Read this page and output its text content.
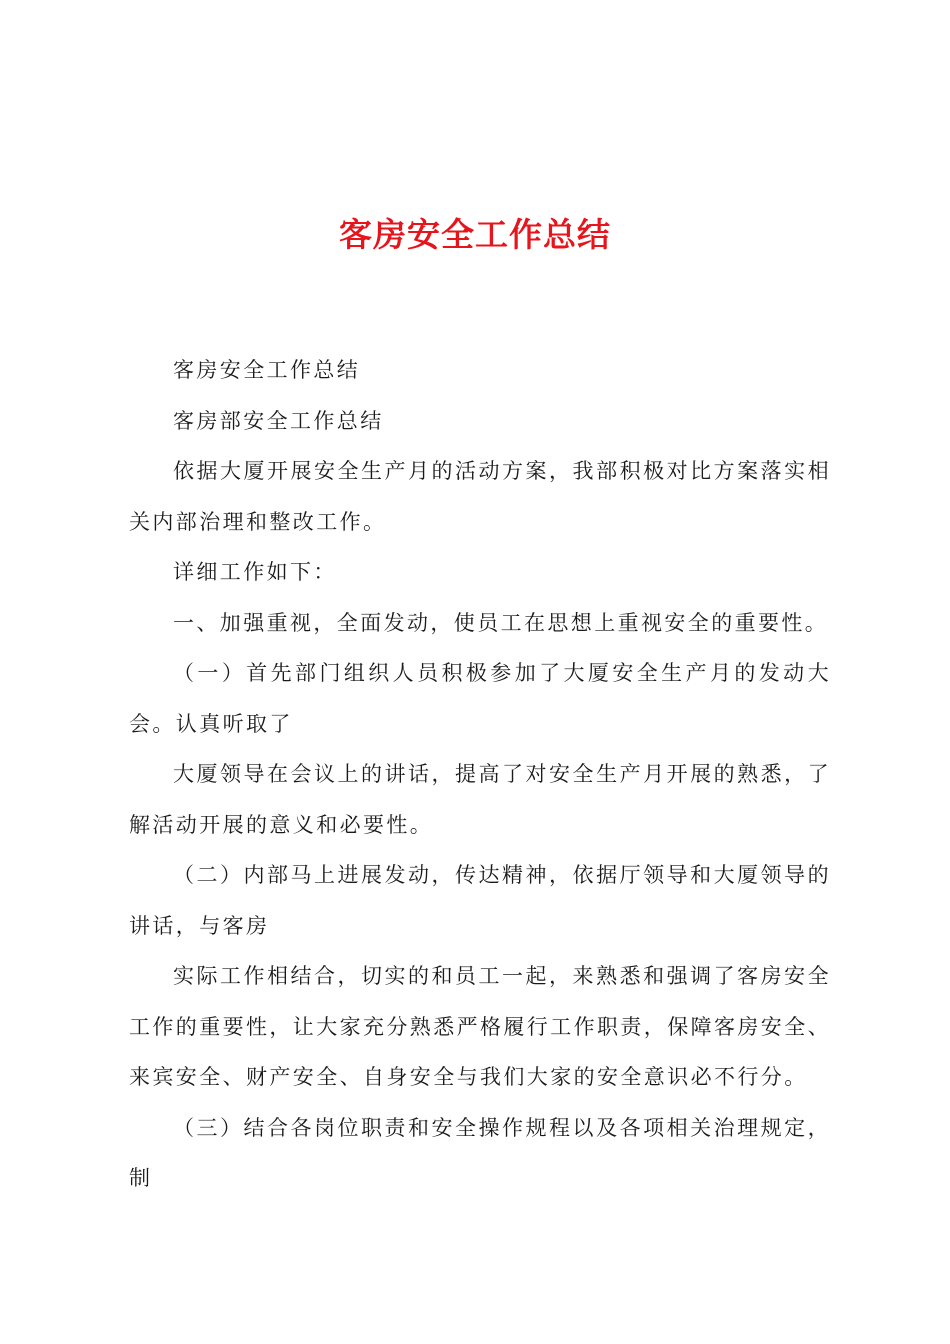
客房安全工作总结

客房安全工作总结

客房部安全工作总结

依据大厦开展安全生产月的活动方案，我部积极对比方案落实相关内部治理和整改工作。

详细工作如下：

一、加强重视，全面发动，使员工在思想上重视安全的重要性。

（一）首先部门组织人员积极参加了大厦安全生产月的发动大会。认真听取了

大厦领导在会议上的讲话，提高了对安全生产月开展的熟悉，了解活动开展的意义和必要性。

（二）内部马上进展发动，传达精神，依据厅领导和大厦领导的讲话，与客房

实际工作相结合，切实的和员工一起，来熟悉和强调了客房安全工作的重要性，让大家充分熟悉严格履行工作职责，保障客房安全、来宾安全、财产安全、自身安全与我们大家的安全意识必不行分。

（三）结合各岗位职责和安全操作规程以及各项相关治理规定，制
